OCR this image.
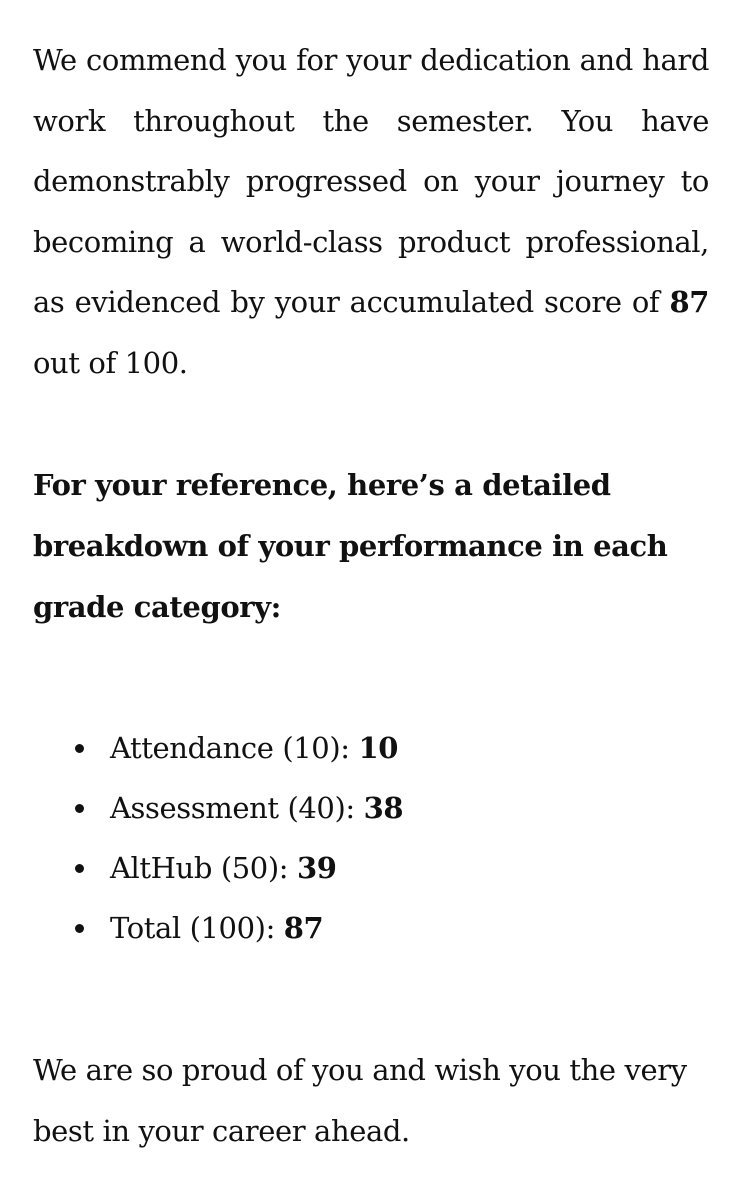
We commend you for your dedication and hard work throughout the semester. You have demonstrably progressed on your journey to becoming a world-class product professional, as evidenced by your accumulated score of 87 out of 100.

For your reference, here’s a detailed breakdown of your performance in each grade category:

Attendance (10): 10
Assessment (40): 38
AltHub (50): 39
Total (100): 87

We are so proud of you and wish you the very best in your career ahead.
